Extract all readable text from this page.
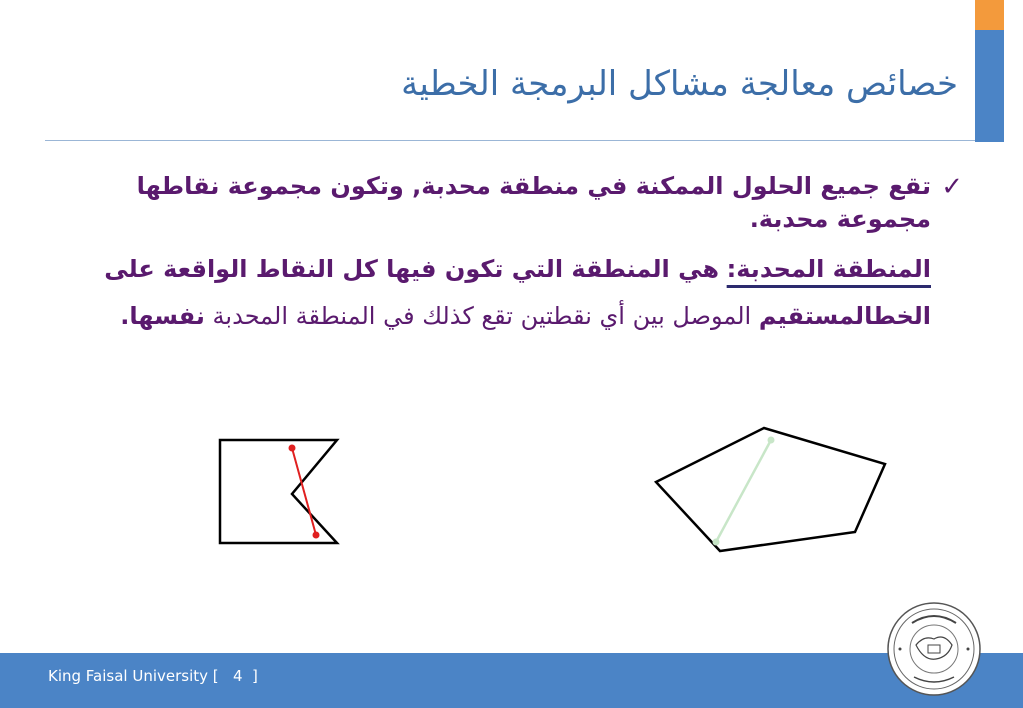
خصائص معالجة مشاكل البرمجة الخطية
✓
تقع جميع الحلول الممكنة في منطقة محدبة, وتكون مجموعة نقاطها مجموعة محدبة.
المنطقة المحدبة: هي المنطقة التي تكون فيها كل النقاط الواقعة على الخطالمستقيم الموصل بين أي نقطتين تقع كذلك في المنطقة المحدبة نفسها.
King Faisal University [ 4 ]
